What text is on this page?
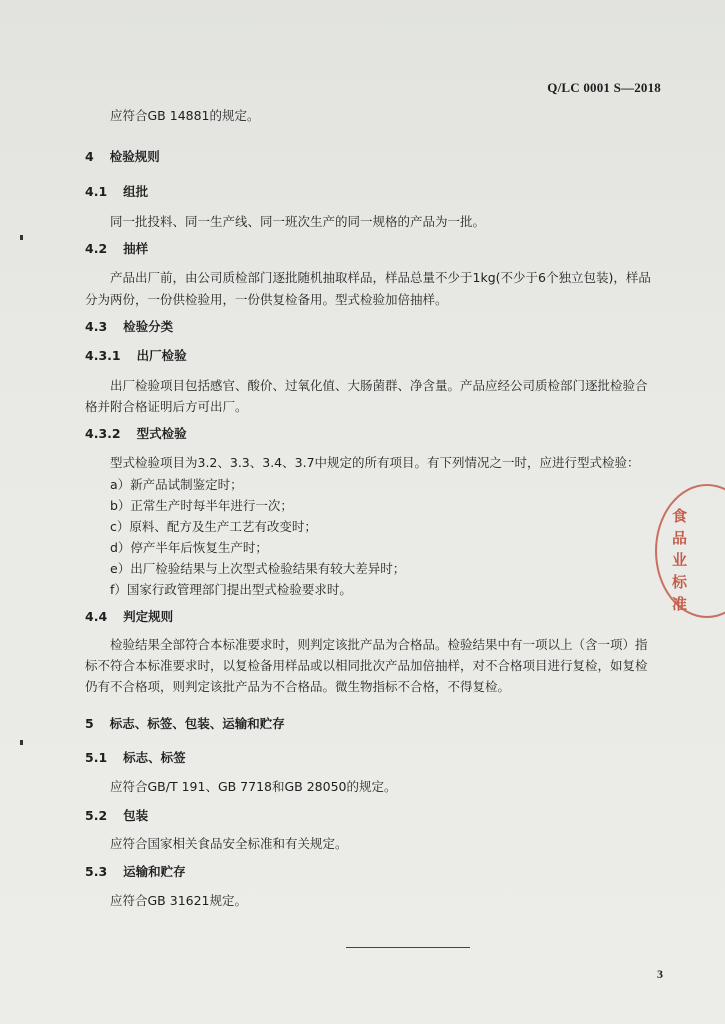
Q/LC 0001 S—2018
应符合GB 14881的规定。
4 检验规则
4.1 组批
同一批投料、同一生产线、同一班次生产的同一规格的产品为一批。
4.2 抽样
产品出厂前，由公司质检部门逐批随机抽取样品，样品总量不少于1kg(不少于6个独立包装)，样品
分为两份，一份供检验用，一份供复检备用。型式检验加倍抽样。
4.3 检验分类
4.3.1 出厂检验
出厂检验项目包括感官、酸价、过氧化值、大肠菌群、净含量。产品应经公司质检部门逐批检验合
格并附合格证明后方可出厂。
4.3.2 型式检验
型式检验项目为3.2、3.3、3.4、3.7中规定的所有项目。有下列情况之一时，应进行型式检验：
a）新产品试制鉴定时；
b）正常生产时每半年进行一次；
c）原料、配方及生产工艺有改变时；
d）停产半年后恢复生产时；
e）出厂检验结果与上次型式检验结果有较大差异时；
f）国家行政管理部门提出型式检验要求时。
4.4 判定规则
检验结果全部符合本标准要求时，则判定该批产品为合格品。检验结果中有一项以上（含一项）指
标不符合本标准要求时，以复检备用样品或以相同批次产品加倍抽样，对不合格项目进行复检，如复检
仍有不合格项，则判定该批产品为不合格品。微生物指标不合格，不得复检。
5 标志、标签、包装、运输和贮存
5.1 标志、标签
应符合GB/T 191、GB 7718和GB 28050的规定。
5.2 包装
应符合国家相关食品安全标准和有关规定。
5.3 运输和贮存
应符合GB 31621规定。
食品业标准
3
